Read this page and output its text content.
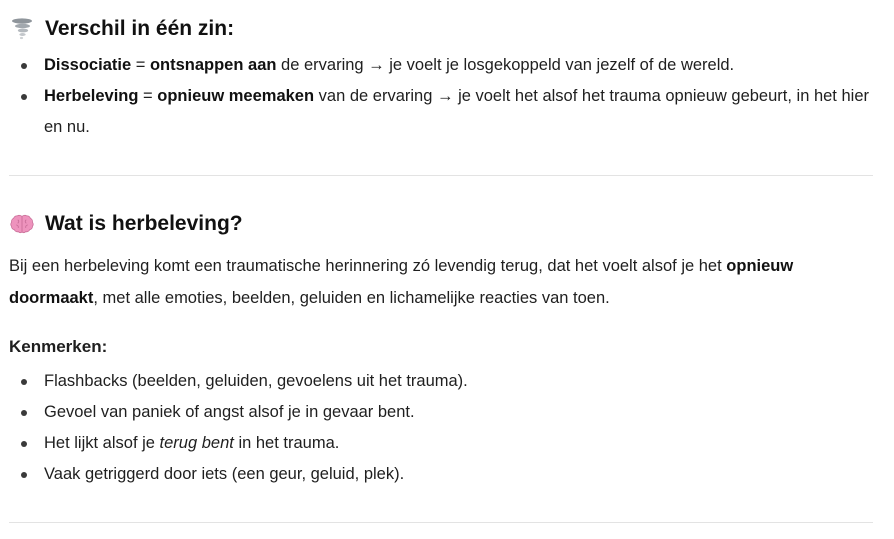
Verschil in één zin:
Dissociatie = ontsnappen aan de ervaring → je voelt je losgekoppeld van jezelf of de wereld.
Herbeleving = opnieuw meemaken van de ervaring → je voelt het alsof het trauma opnieuw gebeurt, in het hier en nu.
Wat is herbeleving?

Bij een herbeleving komt een traumatische herinnering zó levendig terug, dat het voelt alsof je het opnieuw doormaakt, met alle emoties, beelden, geluiden en lichamelijke reacties van toen.

Kenmerken:

Flashbacks (beelden, geluiden, gevoelens uit het trauma).
Gevoel van paniek of angst alsof je in gevaar bent.
Het lijkt alsof je terug bent in het trauma.
Vaak getriggerd door iets (een geur, geluid, plek).
